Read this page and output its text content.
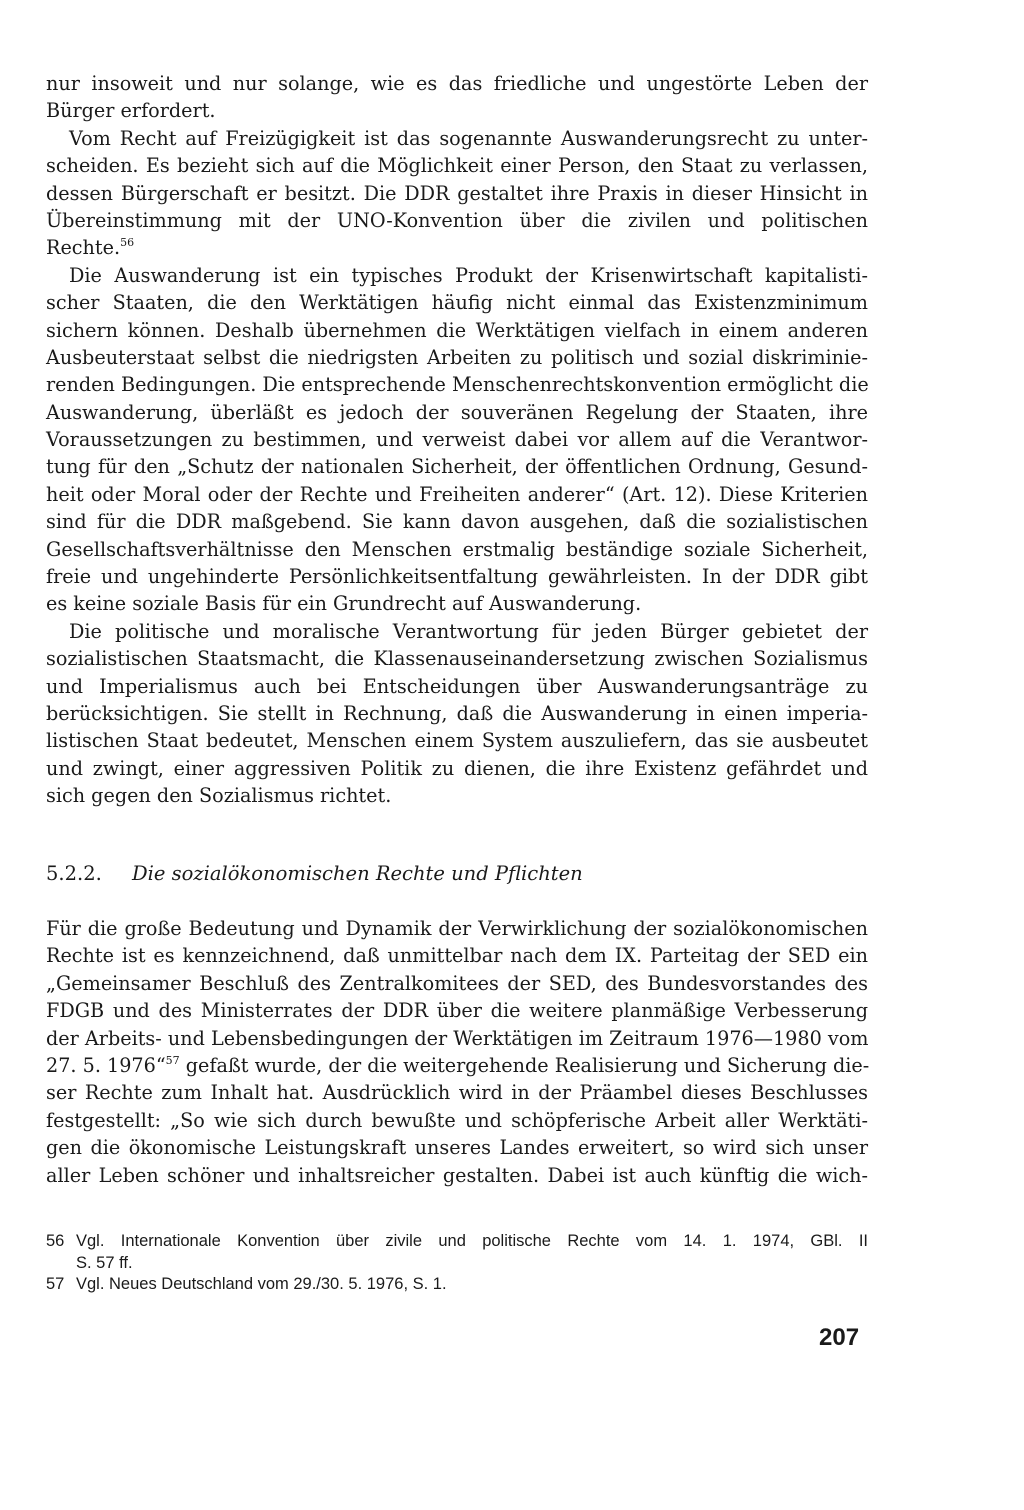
nur insoweit und nur solange, wie es das friedliche und ungestörte Leben der
Bürger erfordert.
Vom Recht auf Freizügigkeit ist das sogenannte Auswanderungsrecht zu unter-
scheiden. Es bezieht sich auf die Möglichkeit einer Person, den Staat zu verlassen,
dessen Bürgerschaft er besitzt. Die DDR gestaltet ihre Praxis in dieser Hinsicht in
Übereinstimmung mit der UNO-Konvention über die zivilen und politischen
Rechte.$^{56}$
Die Auswanderung ist ein typisches Produkt der Krisenwirtschaft kapitalisti-
scher Staaten, die den Werktätigen häufig nicht einmal das Existenzminimum
sichern können. Deshalb übernehmen die Werktätigen vielfach in einem anderen
Ausbeuterstaat selbst die niedrigsten Arbeiten zu politisch und sozial diskriminie-
renden Bedingungen. Die entsprechende Menschenrechtskonvention ermöglicht die
Auswanderung, überläßt es jedoch der souveränen Regelung der Staaten, ihre
Voraussetzungen zu bestimmen, und verweist dabei vor allem auf die Verantwor-
tung für den „Schutz der nationalen Sicherheit, der öffentlichen Ordnung, Gesund-
heit oder Moral oder der Rechte und Freiheiten anderer“ (Art. 12). Diese Kriterien
sind für die DDR maßgebend. Sie kann davon ausgehen, daß die sozialistischen
Gesellschaftsverhältnisse den Menschen erstmalig beständige soziale Sicherheit,
freie und ungehinderte Persönlichkeitsentfaltung gewährleisten. In der DDR gibt
es keine soziale Basis für ein Grundrecht auf Auswanderung.
Die politische und moralische Verantwortung für jeden Bürger gebietet der
sozialistischen Staatsmacht, die Klassenauseinandersetzung zwischen Sozialismus
und Imperialismus auch bei Entscheidungen über Auswanderungsanträge zu
berücksichtigen. Sie stellt in Rechnung, daß die Auswanderung in einen imperia-
listischen Staat bedeutet, Menschen einem System auszuliefern, das sie ausbeutet
und zwingt, einer aggressiven Politik zu dienen, die ihre Existenz gefährdet und
sich gegen den Sozialismus richtet.
5.2.2. Die sozialökonomischen Rechte und Pflichten
Für die große Bedeutung und Dynamik der Verwirklichung der sozialökonomischen
Rechte ist es kennzeichnend, daß unmittelbar nach dem IX. Parteitag der SED ein
„Gemeinsamer Beschluß des Zentralkomitees der SED, des Bundesvorstandes des
FDGB und des Ministerrates der DDR über die weitere planmäßige Verbesserung
der Arbeits- und Lebensbedingungen der Werktätigen im Zeitraum 1976—1980 vom
27. 5. 1976“$^{57}$ gefaßt wurde, der die weitergehende Realisierung und Sicherung die-
ser Rechte zum Inhalt hat. Ausdrücklich wird in der Präambel dieses Beschlusses
festgestellt: „So wie sich durch bewußte und schöpferische Arbeit aller Werktäti-
gen die ökonomische Leistungskraft unseres Landes erweitert, so wird sich unser
aller Leben schöner und inhaltsreicher gestalten. Dabei ist auch künftig die wich-
56 Vgl. Internationale Konvention über zivile und politische Rechte vom 14. 1. 1974, GBl. II
S. 57 ff.
57 Vgl. Neues Deutschland vom 29./30. 5. 1976, S. 1.
207
